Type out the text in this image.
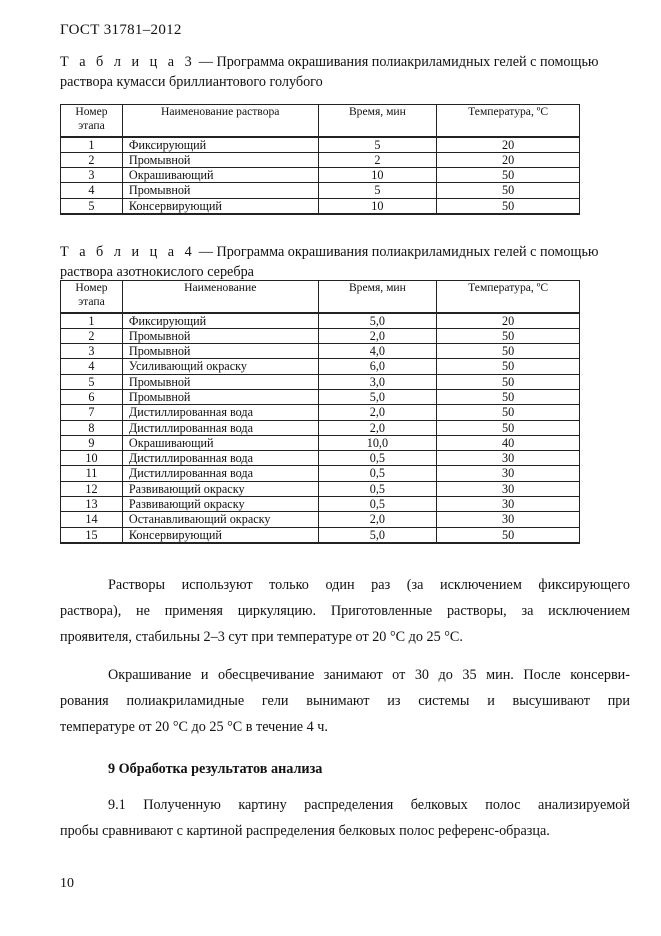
ГОСТ 31781–2012
Т а б л и ц а 3 — Программа окрашивания полиакриламидных гелей с помощью
раствора кумасси бриллиантового голубого
Номер этапа	Наименование раствора	Время, мин	Температура, ºC
1	Фиксирующий	5	20
2	Промывной	2	20
3	Окрашивающий	10	50
4	Промывной	5	50
5	Консервирующий	10	50
Т а б л и ц а 4 — Программа окрашивания полиакриламидных гелей с помощью
раствора азотнокислого серебра
Номер этапа	Наименование	Время, мин	Температура, ºC
1	Фиксирующий	5,0	20
2	Промывной	2,0	50
3	Промывной	4,0	50
4	Усиливающий окраску	6,0	50
5	Промывной	3,0	50
6	Промывной	5,0	50
7	Дистиллированная вода	2,0	50
8	Дистиллированная вода	2,0	50
9	Окрашивающий	10,0	40
10	Дистиллированная вода	0,5	30
11	Дистиллированная вода	0,5	30
12	Развивающий окраску	0,5	30
13	Развивающий окраску	0,5	30
14	Останавливающий окраску	2,0	30
15	Консервирующий	5,0	50
Растворы используют только один раз (за исключением фиксирующего
раствора), не применяя циркуляцию. Приготовленные растворы, за исключением
проявителя, стабильны 2–3 сут при температуре от 20 °С до 25 °С.
Окрашивание и обесцвечивание занимают от 30 до 35 мин. После консерви-
рования полиакриламидные гели вынимают из системы и высушивают при
температуре от 20 °С до 25 °С в течение 4 ч.
9 Обработка результатов анализа
9.1 Полученную картину распределения белковых полос анализируемой
пробы сравнивают с картиной распределения белковых полос референс-образца.
10
